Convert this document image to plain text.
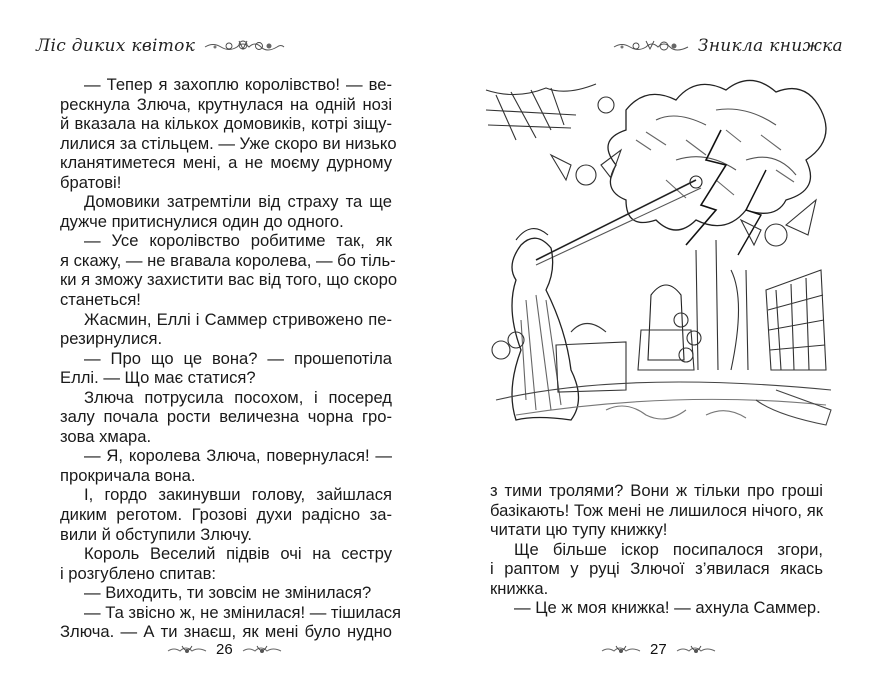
Ліс диких квіток
— Тепер я захоплю королівство! — ве-
рескнула Злюча, крутнулася на одній нозі
й вказала на кількох домовиків, котрі зіщу-
лилися за стільцем. — Уже скоро ви низько
кланятиметеся мені, а не моєму дурному
братові!
Домовики затремтіли від страху та ще
дужче притиснулися один до одного.
— Усе королівство робитиме так, як
я скажу, — не вгавала королева, — бо тіль-
ки я зможу захистити вас від того, що скоро
станеться!
Жасмин, Еллі і Саммер стривожено пе-
резирнулися.
— Про що це вона? — прошепотіла
Еллі. — Що має статися?
Злюча потрусила посохом, і посеред
залу почала рости величезна чорна гро-
зова хмара.
— Я, королева Злюча, повернулася! —
прокричала вона.
І, гордо закинувши голову, зайшлася
диким реготом. Грозові духи радісно за-
вили й обступили Злючу.
Король Веселий підвів очі на сестру
і розгублено спитав:
— Виходить, ти зовсім не змінилася?
— Та звісно ж, не змінилася! — тішилася
Злюча. — А ти знаєш, як мені було нудно
26
Зникла книжка
з тими тролями? Вони ж тільки про гроші
базікають! Тож мені не лишилося нічого, як
читати цю тупу книжку!
Ще більше іскор посипалося згори,
і раптом у руці Злючої з’явилася якась
книжка.
— Це ж моя книжка! — ахнула Саммер.
27
